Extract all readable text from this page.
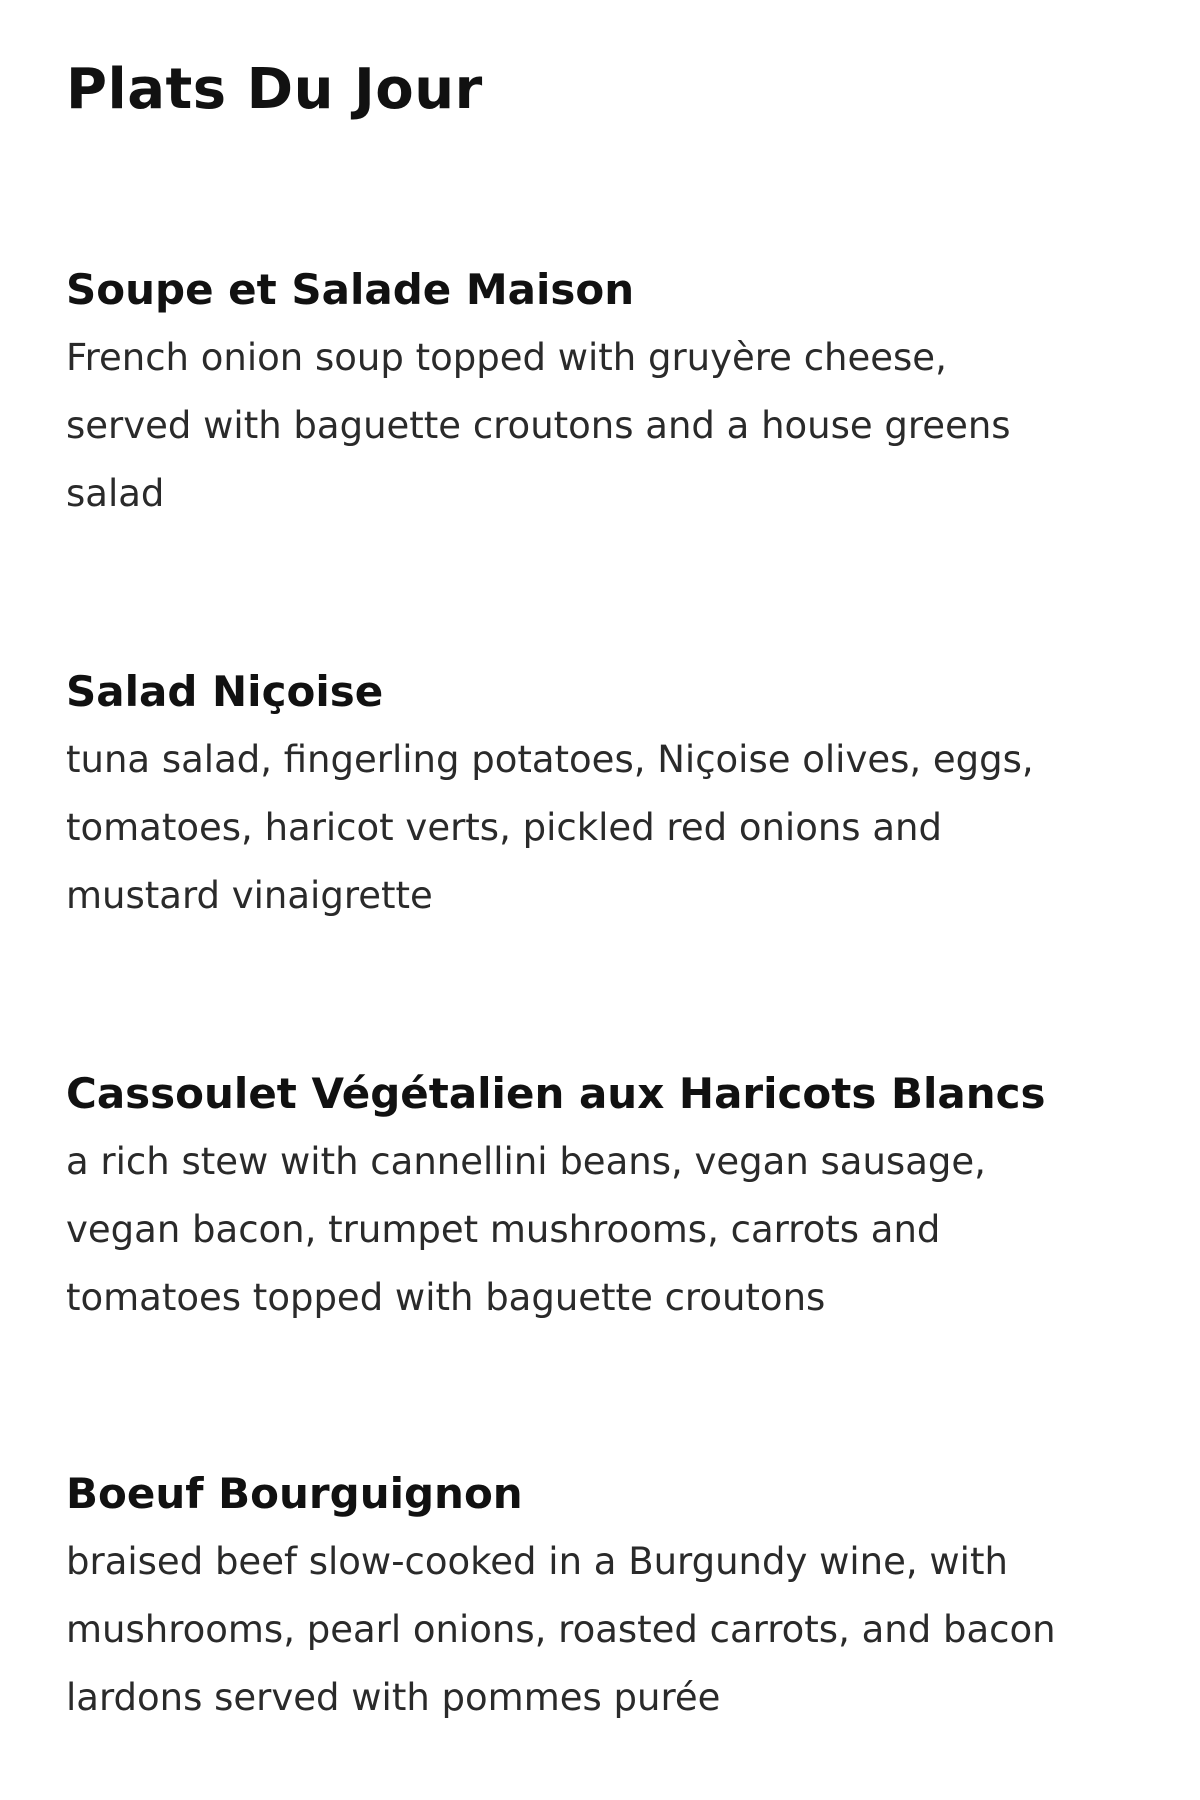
Plats Du Jour
Soupe et Salade Maison

French onion soup topped with gruyère cheese,
served with baguette croutons and a house greens
salad

Salad Niçoise

tuna salad, fingerling potatoes, Niçoise olives, eggs,
tomatoes, haricot verts, pickled red onions and
mustard vinaigrette

Cassoulet Végétalien aux Haricots Blancs

a rich stew with cannellini beans, vegan sausage,
vegan bacon, trumpet mushrooms, carrots and
tomatoes topped with baguette croutons

Boeuf Bourguignon

braised beef slow-cooked in a Burgundy wine, with
mushrooms, pearl onions, roasted carrots, and bacon
lardons served with pommes purée
